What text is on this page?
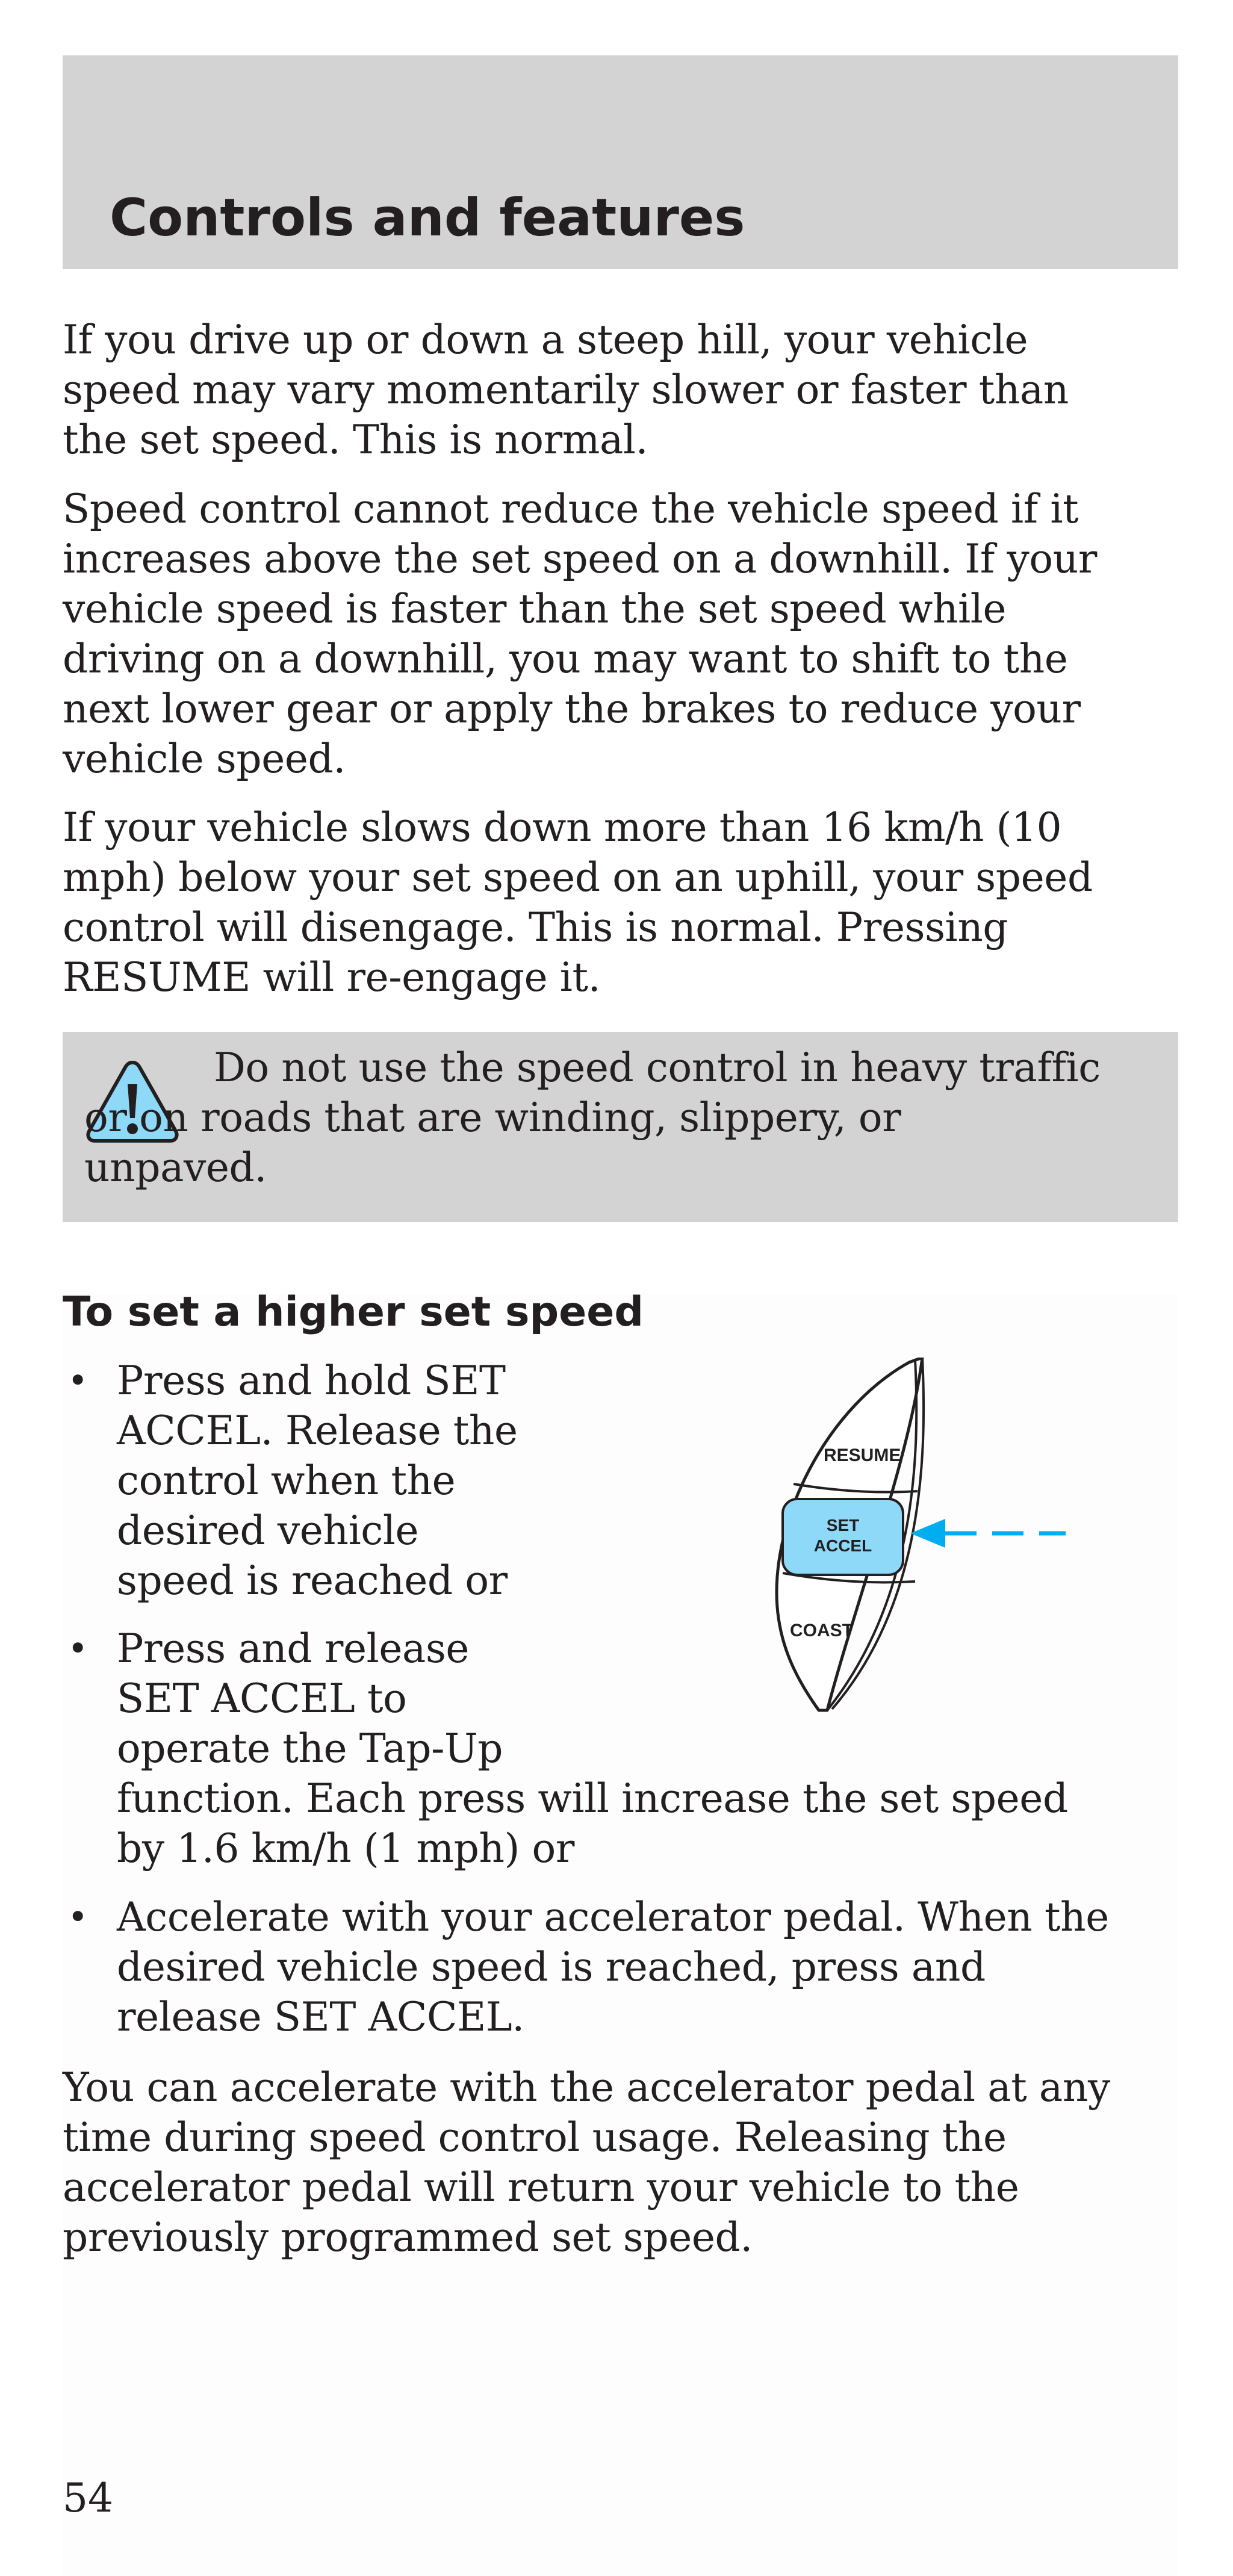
Controls and features

If you drive up or down a steep hill, your vehicle
speed may vary momentarily slower or faster than
the set speed. This is normal.

Speed control cannot reduce the vehicle speed if it
increases above the set speed on a downhill. If your
vehicle speed is faster than the set speed while
driving on a downhill, you may want to shift to the
next lower gear or apply the brakes to reduce your
vehicle speed.

If your vehicle slows down more than 16 km/h (10
mph) below your set speed on an uphill, your speed
control will disengage. This is normal. Pressing
RESUME will re-engage it.

Do not use the speed control in heavy traffic
or on roads that are winding, slippery, or
unpaved.

To set a higher set speed
• Press and hold SET
ACCEL. Release the
control when the
desired vehicle
speed is reached or

• Press and release
SET ACCEL to
operate the Tap-Up
function. Each press will increase the set speed
by 1.6 km/h (1 mph) or

• Accelerate with your accelerator pedal. When the
desired vehicle speed is reached, press and
release SET ACCEL.

RESUME
SET
ACCEL
COAST

You can accelerate with the accelerator pedal at any
time during speed control usage. Releasing the
accelerator pedal will return your vehicle to the
previously programmed set speed.

54
